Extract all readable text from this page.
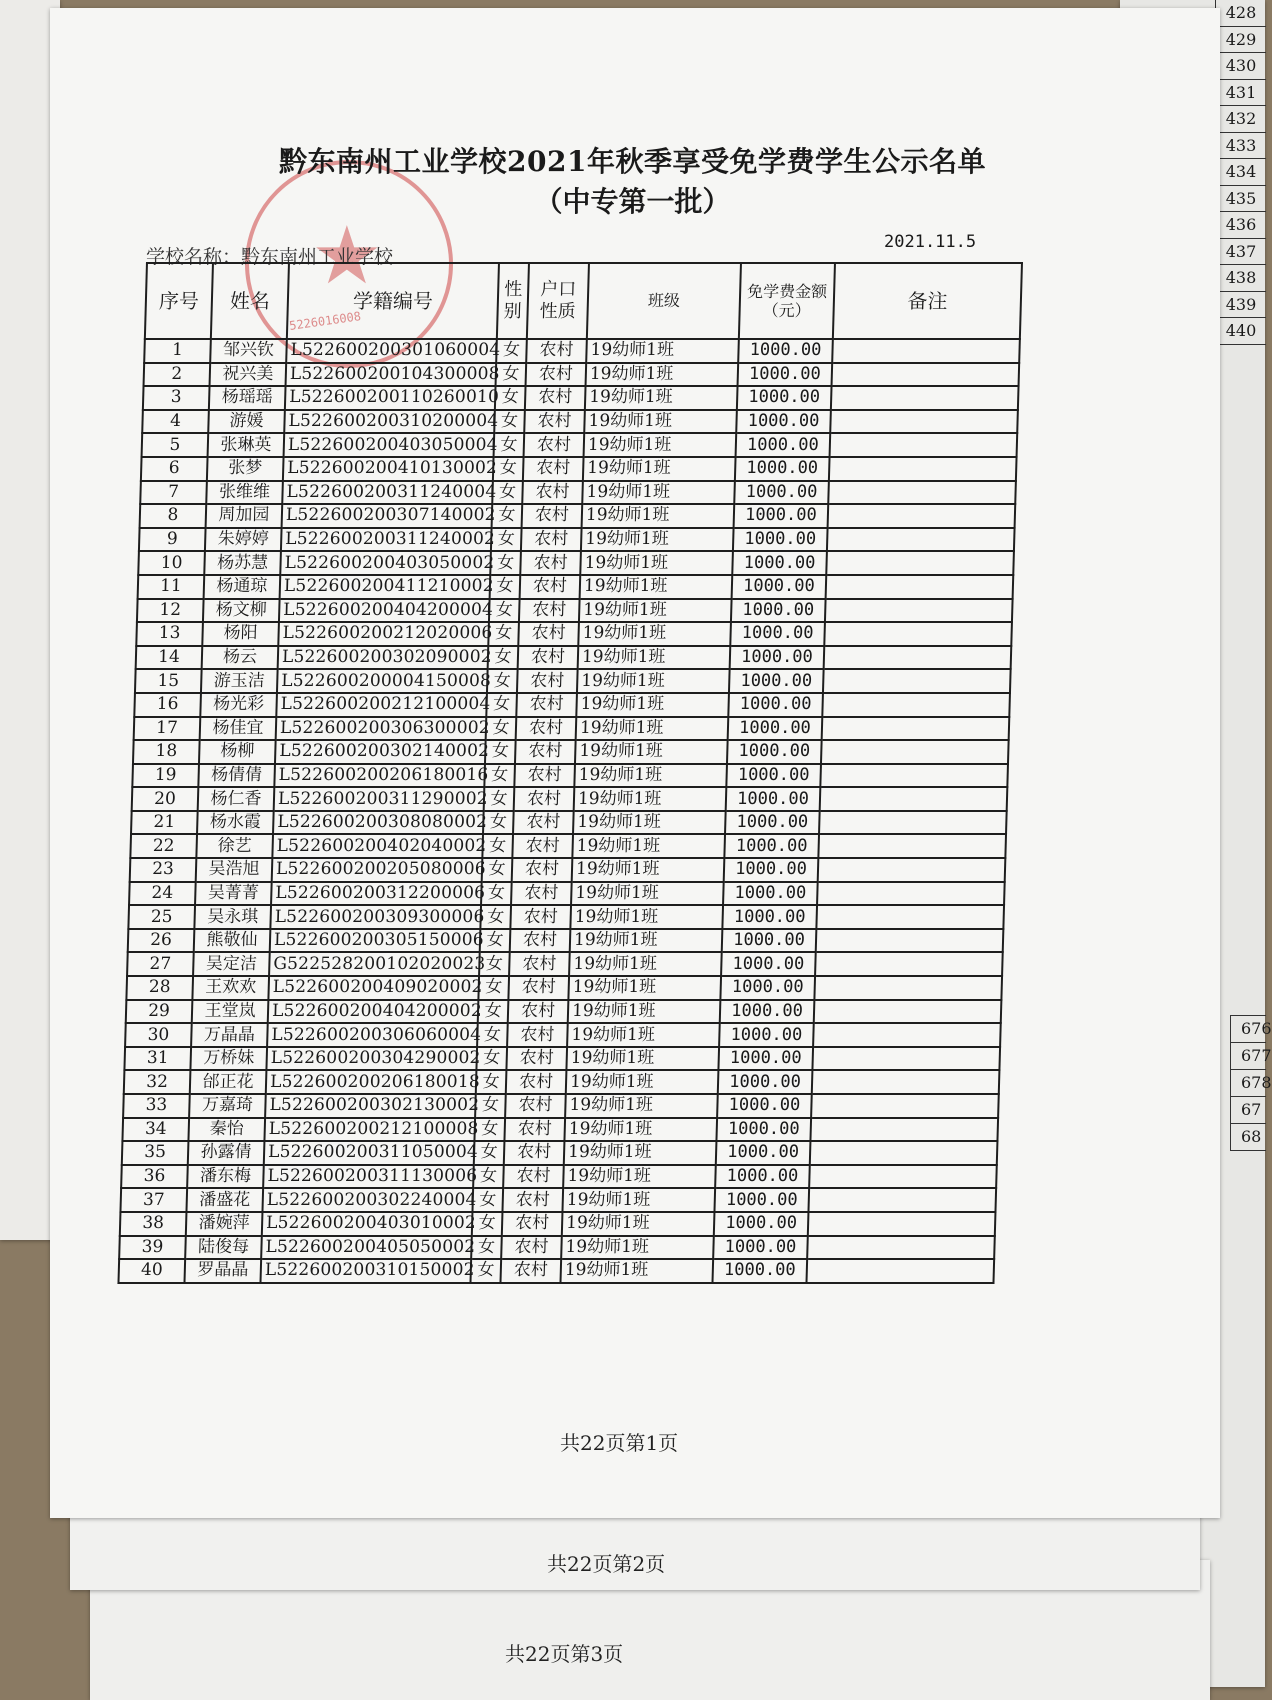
428
429
430
431
432
433
434
435
436
437
438
439
440
676
677
678
67
68
共22页第3页
共22页第2页
★
5226016008
黔东南州工业学校2021年秋季享受免学费学生公示名单
（中专第一批）
学校名称：黔东南州工业学校
2021.11.5
序号	姓名	学籍编号	性别	户口性质	班级	免学费金额（元）	备注
1	邹兴钦	L522600200301060004	女	农村	19幼师1班	1000.00	
2	祝兴美	L522600200104300008	女	农村	19幼师1班	1000.00	
3	杨瑶瑶	L522600200110260010	女	农村	19幼师1班	1000.00	
4	游媛	L522600200310200004	女	农村	19幼师1班	1000.00	
5	张琳英	L522600200403050004	女	农村	19幼师1班	1000.00	
6	张梦	L522600200410130002	女	农村	19幼师1班	1000.00	
7	张维维	L522600200311240004	女	农村	19幼师1班	1000.00	
8	周加园	L522600200307140002	女	农村	19幼师1班	1000.00	
9	朱婷婷	L522600200311240002	女	农村	19幼师1班	1000.00	
10	杨苏慧	L522600200403050002	女	农村	19幼师1班	1000.00	
11	杨通琼	L522600200411210002	女	农村	19幼师1班	1000.00	
12	杨文柳	L522600200404200004	女	农村	19幼师1班	1000.00	
13	杨阳	L522600200212020006	女	农村	19幼师1班	1000.00	
14	杨云	L522600200302090002	女	农村	19幼师1班	1000.00	
15	游玉洁	L522600200004150008	女	农村	19幼师1班	1000.00	
16	杨光彩	L522600200212100004	女	农村	19幼师1班	1000.00	
17	杨佳宜	L522600200306300002	女	农村	19幼师1班	1000.00	
18	杨柳	L522600200302140002	女	农村	19幼师1班	1000.00	
19	杨倩倩	L522600200206180016	女	农村	19幼师1班	1000.00	
20	杨仁香	L522600200311290002	女	农村	19幼师1班	1000.00	
21	杨水霞	L522600200308080002	女	农村	19幼师1班	1000.00	
22	徐艺	L522600200402040002	女	农村	19幼师1班	1000.00	
23	吴浩旭	L522600200205080006	女	农村	19幼师1班	1000.00	
24	吴菁菁	L522600200312200006	女	农村	19幼师1班	1000.00	
25	吴永琪	L522600200309300006	女	农村	19幼师1班	1000.00	
26	熊敬仙	L522600200305150006	女	农村	19幼师1班	1000.00	
27	吴定洁	G522528200102020023	女	农村	19幼师1班	1000.00	
28	王欢欢	L522600200409020002	女	农村	19幼师1班	1000.00	
29	王堂岚	L522600200404200002	女	农村	19幼师1班	1000.00	
30	万晶晶	L522600200306060004	女	农村	19幼师1班	1000.00	
31	万桥妹	L522600200304290002	女	农村	19幼师1班	1000.00	
32	邰正花	L522600200206180018	女	农村	19幼师1班	1000.00	
33	万嘉琦	L522600200302130002	女	农村	19幼师1班	1000.00	
34	秦怡	L522600200212100008	女	农村	19幼师1班	1000.00	
35	孙露倩	L522600200311050004	女	农村	19幼师1班	1000.00	
36	潘东梅	L522600200311130006	女	农村	19幼师1班	1000.00	
37	潘盛花	L522600200302240004	女	农村	19幼师1班	1000.00	
38	潘婉萍	L522600200403010002	女	农村	19幼师1班	1000.00	
39	陆俊每	L522600200405050002	女	农村	19幼师1班	1000.00	
40	罗晶晶	L522600200310150002	女	农村	19幼师1班	1000.00	
共22页第1页
